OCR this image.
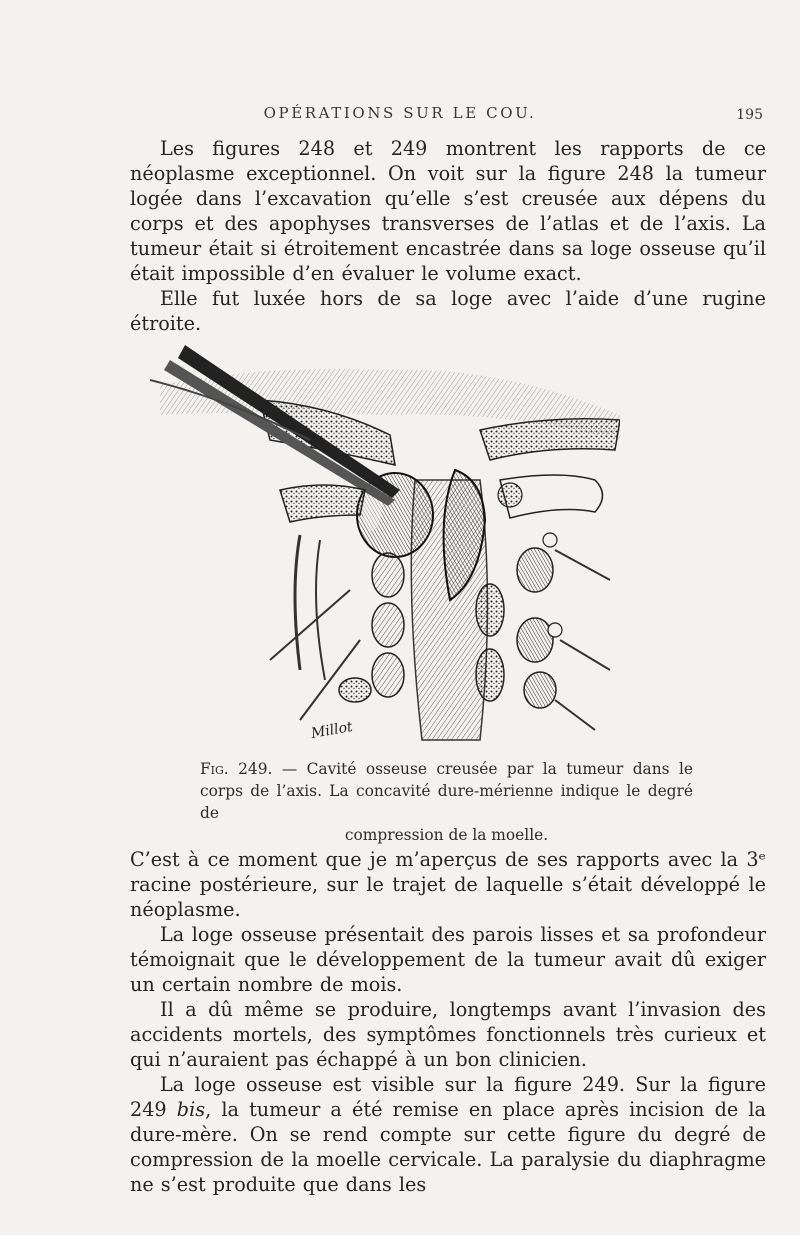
OPÉRATIONS SUR LE COU.	195

Les figures 248 et 249 montrent les rapports de ce néoplasme exceptionnel. On voit sur la figure 248 la tumeur logée dans l’excavation qu’elle s’est creusée aux dépens du corps et des apophyses transverses de l’atlas et de l’axis. La tumeur était si étroitement encastrée dans sa loge osseuse qu’il était impossible d’en évaluer le volume exact.

Elle fut luxée hors de sa loge avec l’aide d’une rugine étroite.

Millot
Fig. 249. — Cavité osseuse creusée par la tumeur dans le corps de l’axis. La concavité dure-mérienne indique le degré de
compression de la moelle.

C’est à ce moment que je m’aperçus de ses rapports avec la 3ᵉ racine postérieure, sur le trajet de laquelle s’était développé le néoplasme.

La loge osseuse présentait des parois lisses et sa profondeur témoignait que le développement de la tumeur avait dû exiger un certain nombre de mois.

Il a dû même se produire, longtemps avant l’invasion des accidents mortels, des symptômes fonctionnels très curieux et qui n’auraient pas échappé à un bon clinicien.

La loge osseuse est visible sur la figure 249. Sur la figure 249 bis, la tumeur a été remise en place après incision de la dure-mère. On se rend compte sur cette figure du degré de compression de la moelle cervicale. La paralysie du diaphragme ne s’est produite que dans les
